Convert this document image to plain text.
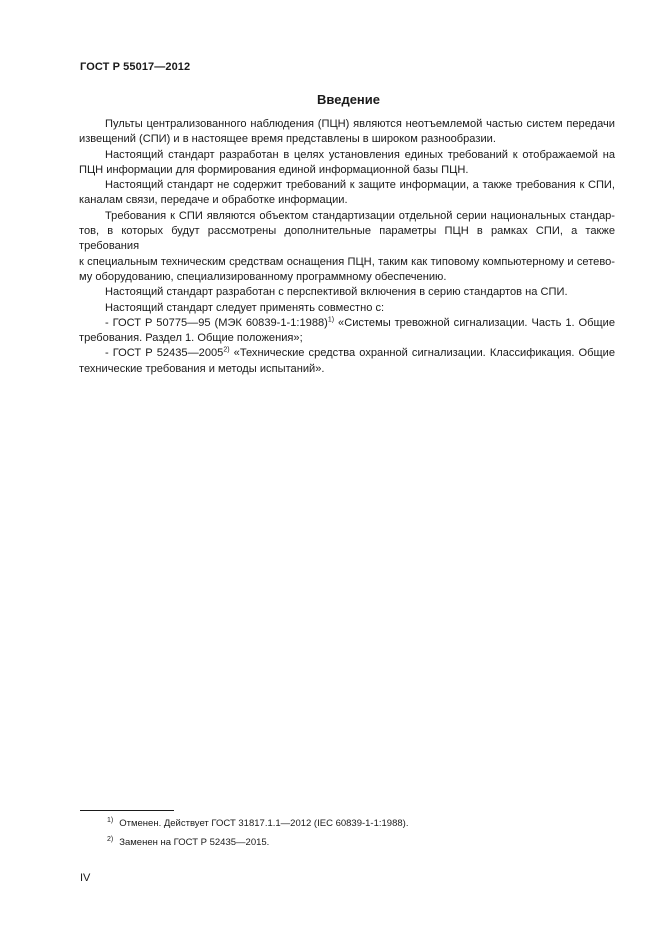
ГОСТ Р 55017—2012
Введение

Пульты централизованного наблюдения (ПЦН) являются неотъемлемой частью систем передачи
извещений (СПИ) и в настоящее время представлены в широком разнообразии.

Настоящий стандарт разработан в целях установления единых требований к отображаемой на
ПЦН информации для формирования единой информационной базы ПЦН.

Настоящий стандарт не содержит требований к защите информации, а также требования к СПИ,
каналам связи, передаче и обработке информации.

Требования к СПИ являются объектом стандартизации отдельной серии национальных стандар-
тов, в которых будут рассмотрены дополнительные параметры ПЦН в рамках СПИ, а также требования
к специальным техническим средствам оснащения ПЦН, таким как типовому компьютерному и сетево-
му оборудованию, специализированному программному обеспечению.

Настоящий стандарт разработан с перспективой включения в серию стандартов на СПИ.

Настоящий стандарт следует применять совместно с:

- ГОСТ Р 50775—95 (МЭК 60839-1-1:1988)$^{1)}$ «Системы тревожной сигнализации. Часть 1. Общие
требования. Раздел 1. Общие положения»;

- ГОСТ Р 52435—2005$^{2)}$ «Технические средства охранной сигнализации. Классификация. Общие
технические требования и методы испытаний».

1) Отменен. Действует ГОСТ 31817.1.1—2012 (IEC 60839-1-1:1988).
2) Заменен на ГОСТ Р 52435—2015.
IV
